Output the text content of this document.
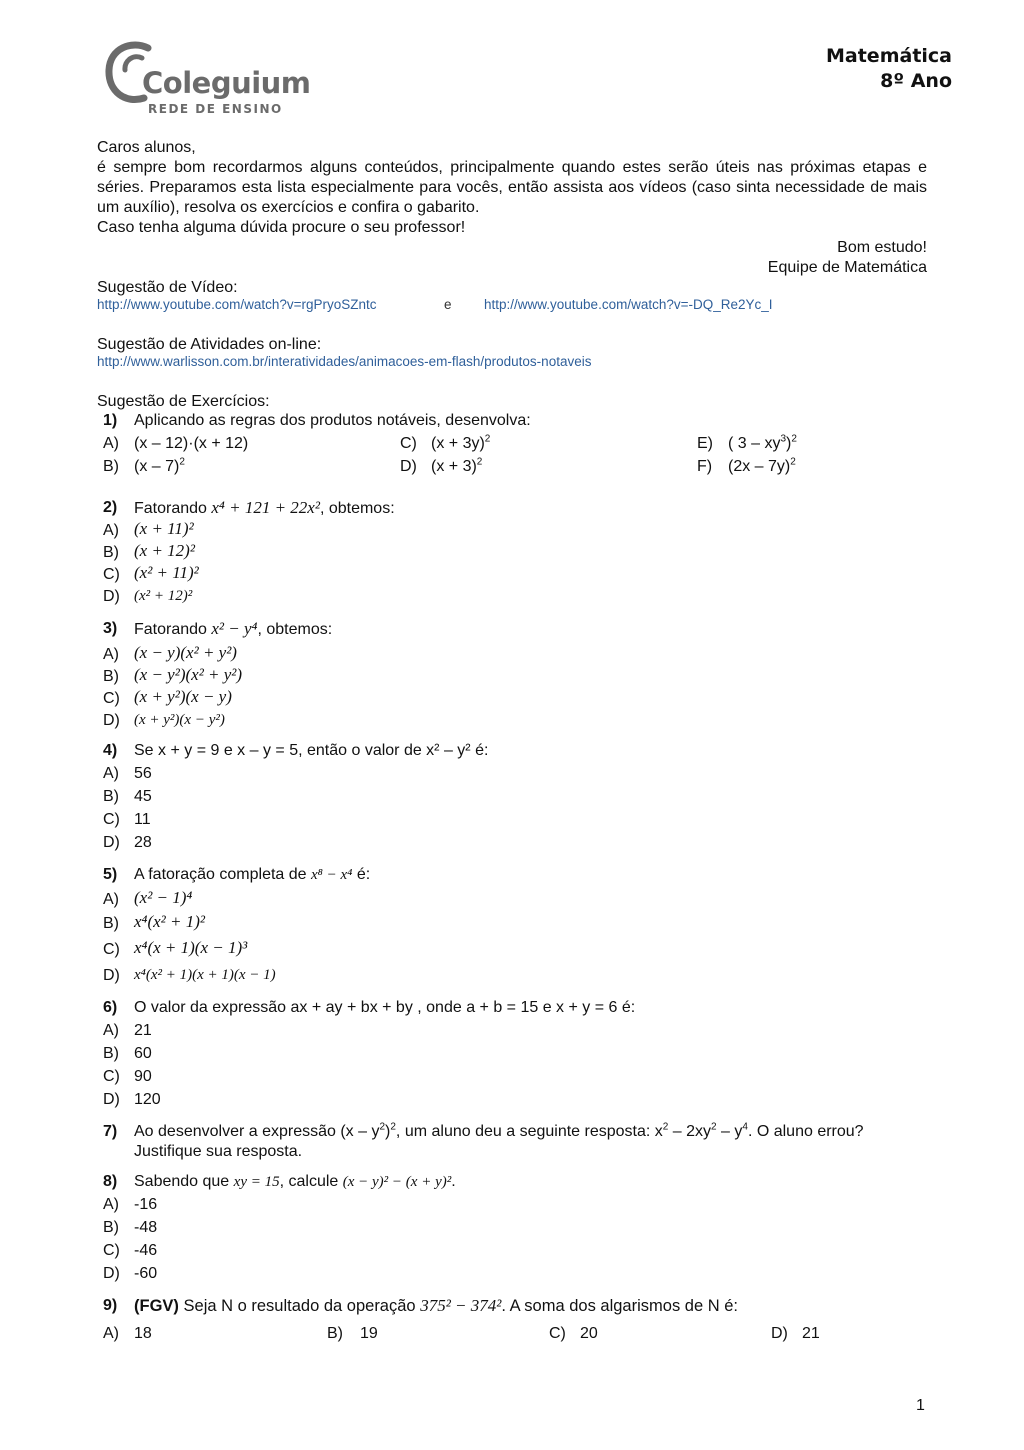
Coleguium
REDE DE ENSINO
Matemática
8º Ano
Caros alunos,
é sempre bom recordarmos alguns conteúdos, principalmente quando estes serão úteis nas próximas etapas e séries. Preparamos esta lista especialmente para vocês, então assista aos vídeos (caso sinta necessidade de mais um auxílio), resolva os exercícios e confira o gabarito.
Caso tenha alguma dúvida procure o seu professor!
Bom estudo!
Equipe de Matemática
Sugestão de Vídeo:
http://www.youtube.com/watch?v=rgPryoSZntc	e http://www.youtube.com/watch?v=-DQ_Re2Yc_I
Sugestão de Atividades on-line:
http://www.warlisson.com.br/interatividades/animacoes-em-flash/produtos-notaveis
Sugestão de Exercícios:
1) Aplicando as regras dos produtos notáveis, desenvolva:
A) (x – 12)·(x + 12)	C) $(x + 3y)^2$	E) ( $3 - xy^3)^2$
B) (x – 7)$^2$	D) $(x + 3)^2$	F) (2x – 7y)$^2$
2) Fatorando x⁴ + 121 + 22x², obtemos:
A) (x + 11)²
B) (x + 12)²
C) (x² + 11)²
D) (x² + 12)²
3) Fatorando x² − y⁴, obtemos:
A) (x − y)(x² + y²)
B) (x − y²)(x² + y²)
C) (x + y²)(x − y)
D) (x + y²)(x − y²)
4) Se x + y = 9 e x – y = 5, então o valor de x² – y² é:
A) 56
B) 45
C) 11
D) 28
5) A fatoração completa de x⁸ − x⁴ é:
A) (x² − 1)⁴
B) x⁴(x² + 1)²
C) x⁴(x + 1)(x − 1)³
D) x⁴(x² + 1)(x + 1)(x − 1)
6) O valor da expressão ax + ay + bx + by , onde a + b = 15 e x + y = 6 é:
A) 21
B) 60
C) 90
D) 120
7) Ao desenvolver a expressão $(x - y^2)^2$, um aluno deu a seguinte resposta: $x^2 - 2xy^2 - y^4$. O aluno errou?
Justifique sua resposta.
8) Sabendo que xy = 15, calcule (x − y)² − (x + y)².
A) -16
B) -48
C) -46
D) -60
9) (FGV) Seja N o resultado da operação 375² − 374². A soma dos algarismos de N é:
A) 18	B) 19	C) 20	D) 21
1
